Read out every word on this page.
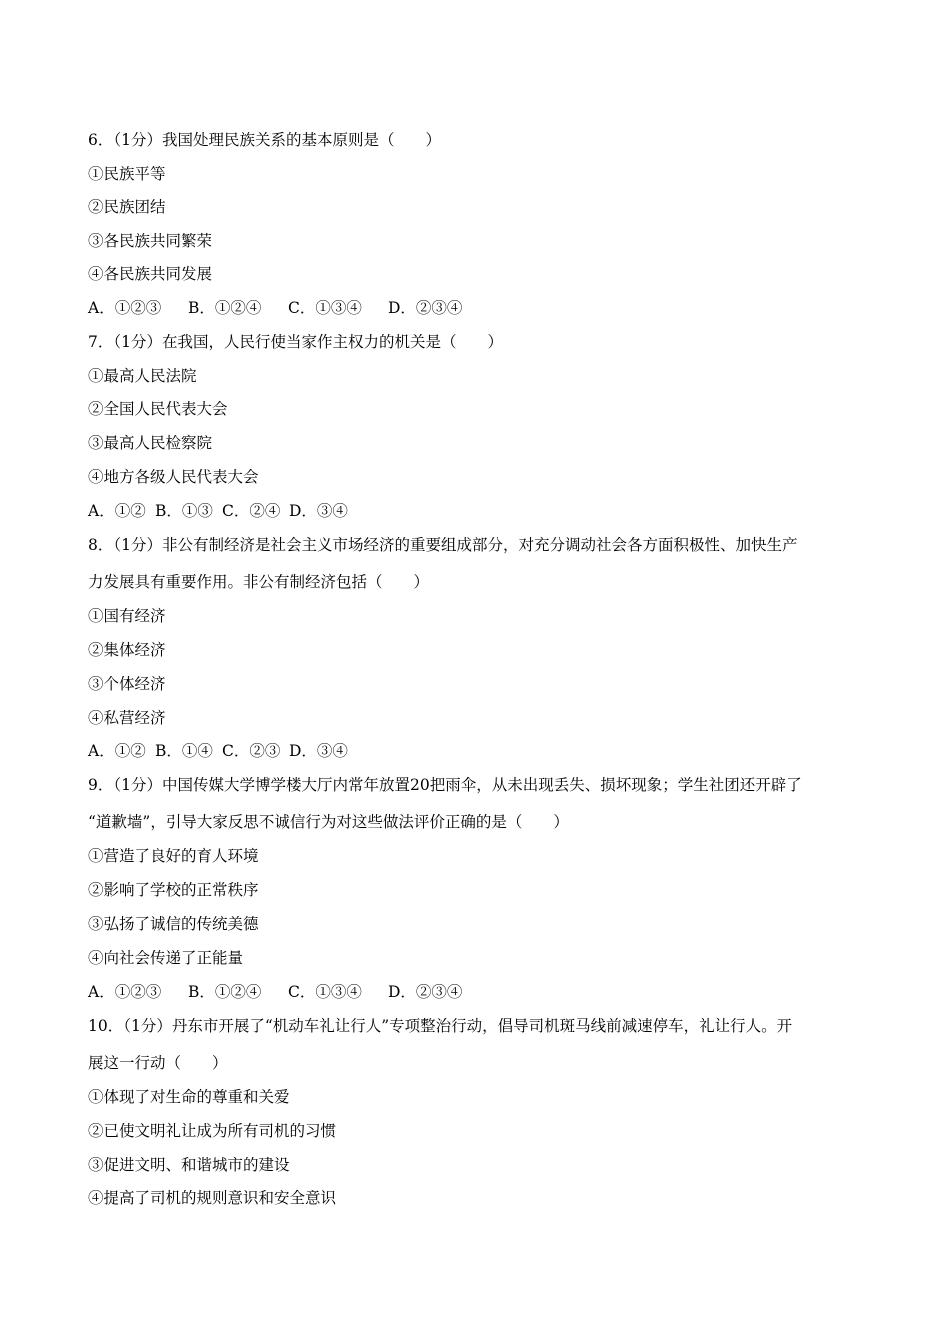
6．（1分）我国处理民族关系的基本原则是（　　）
①民族平等
②民族团结
③各民族共同繁荣
④各民族共同发展
A．①②③ B．①②④ C．①③④ D．②③④
7．（1分）在我国，人民行使当家作主权力的机关是（　　）
①最高人民法院
②全国人民代表大会
③最高人民检察院
④地方各级人民代表大会
A．①② B．①③ C．②④ D．③④
8．（1分）非公有制经济是社会主义市场经济的重要组成部分，对充分调动社会各方面积极性、加快生产
力发展具有重要作用。非公有制经济包括（　　）
①国有经济
②集体经济
③个体经济
④私营经济
A．①② B．①④ C．②③ D．③④
9．（1分）中国传媒大学博学楼大厅内常年放置20把雨伞，从未出现丢失、损坏现象；学生社团还开辟了
“道歉墙”，引导大家反思不诚信行为对这些做法评价正确的是（　　）
①营造了良好的育人环境
②影响了学校的正常秩序
③弘扬了诚信的传统美德
④向社会传递了正能量
A．①②③ B．①②④ C．①③④ D．②③④
10．（1分）丹东市开展了“机动车礼让行人”专项整治行动，倡导司机斑马线前减速停车，礼让行人。开
展这一行动（　　）
①体现了对生命的尊重和关爱
②已使文明礼让成为所有司机的习惯
③促进文明、和谐城市的建设
④提高了司机的规则意识和安全意识
